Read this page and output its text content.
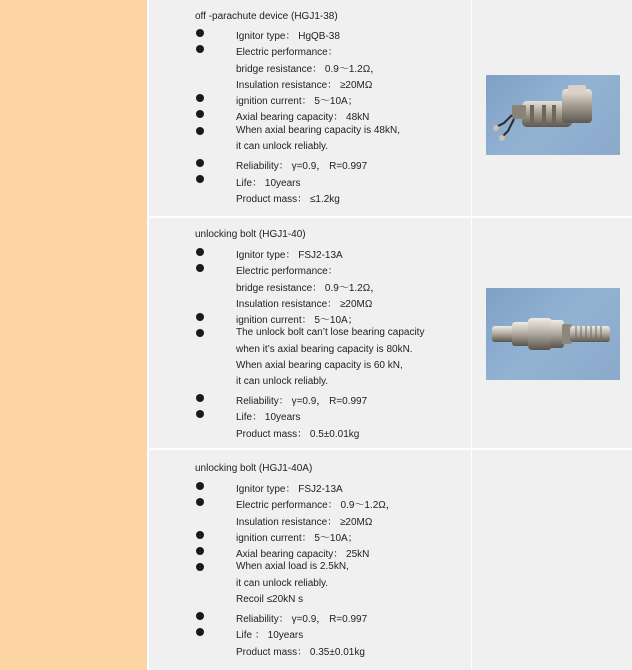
off -parachute device (HGJ1-38)
Ignitor type： HgQB-38
Electric performance：
bridge resistance： 0.9～1.2Ω，
Insulation resistance： ≥20MΩ
ignition current： 5～10A；
Axial bearing capacity： 48kN
When axial bearing capacity is 48kN,
it can unlock reliably.
Reliability： γ=0.9， R=0.997
Life： 10years
Product mass： ≤1.2kg
unlocking bolt (HGJ1-40)
Ignitor type： FSJ2-13A
Electric performance：
bridge resistance： 0.9～1.2Ω，
Insulation resistance： ≥20MΩ
ignition current： 5～10A；
The unlock bolt can’t lose bearing capacity
when it’s axial bearing capacity is 80kN.
When axial bearing capacity is 60 kN,
it can unlock reliably.
Reliability： γ=0.9， R=0.997
Life： 10years
Product mass： 0.5±0.01kg
unlocking bolt (HGJ1-40A)
Ignitor type： FSJ2-13A
Electric performance： 0.9～1.2Ω，
Insulation resistance： ≥20MΩ
ignition current： 5～10A；
Axial bearing capacity： 25kN
When axial load is 2.5kN,
it can unlock reliably.
Recoil ≤20kN s
Reliability： γ=0.9， R=0.997
Life ： 10years
Product mass： 0.35±0.01kg
